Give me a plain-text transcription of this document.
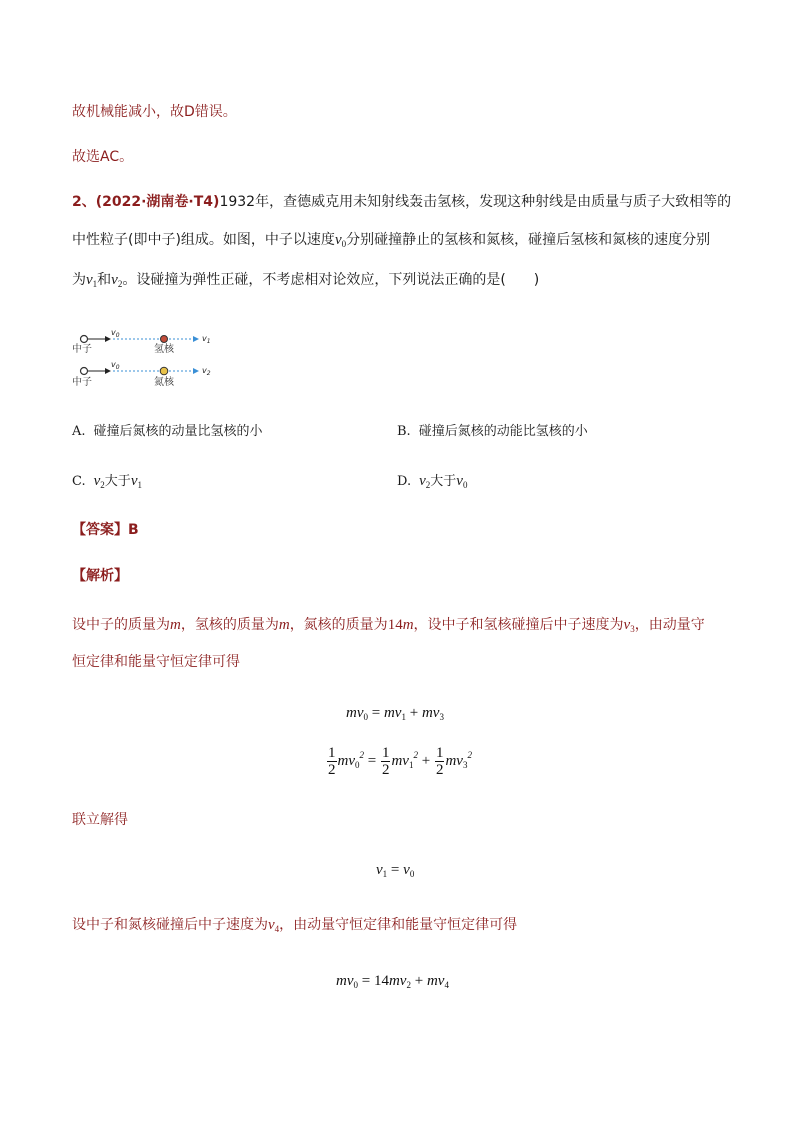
故机械能减小，故D错误。
故选AC。
2、(2022·湖南卷·T4)1932年，查德威克用未知射线轰击氢核，发现这种射线是由质量与质子大致相等的
中性粒子(即中子)组成。如图，中子以速度$v_0$分别碰撞静止的氢核和氮核，碰撞后氢核和氮核的速度分别
为$v_1$和$v_2$。设碰撞为弹性正碰，不考虑相对论效应，下列说法正确的是(　　)
$v_0$	$v_1$
中子	氢核
$v_0$	$v_2$
中子	氮核
A. 碰撞后氮核的动量比氢核的小	B. 碰撞后氮核的动能比氢核的小
C. $v_2$大于$v_1$	D. $v_2$大于$v_0$
【答案】B
【解析】
设中子的质量为m，氢核的质量为m，氮核的质量为14m，设中子和氢核碰撞后中子速度为$v_3$，由动量守
恒定律和能量守恒定律可得
$mv_0 = mv_1 + mv_3$
$\frac{1}{2} mv_0^2 = \frac{1}{2} mv_1^2 + \frac{1}{2} mv_3^2$
联立解得
$v_1 = v_0$
设中子和氮核碰撞后中子速度为$v_4$，由动量守恒定律和能量守恒定律可得
$mv_0 = 14mv_2 + mv_4$
